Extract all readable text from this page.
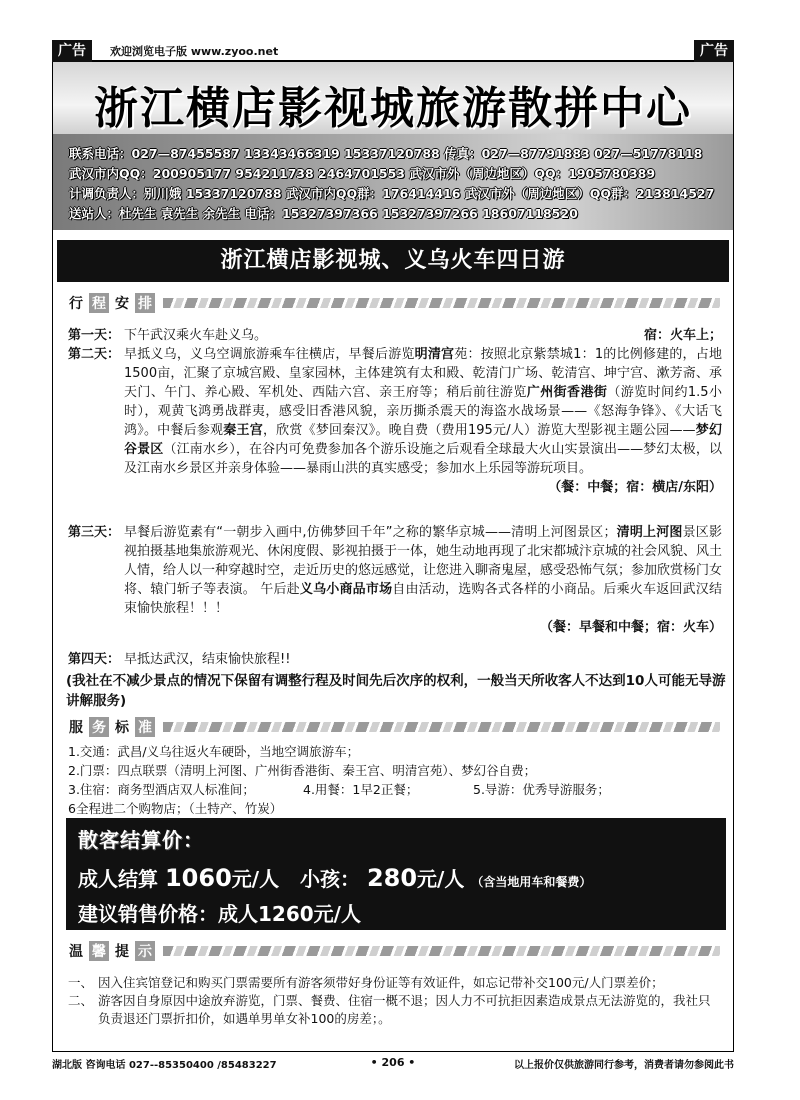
广告	欢迎浏览电子版 www.zyoo.net	广告
浙江横店影视城旅游散拼中心
联系电话：027—87455587 13343466319 15337120788 传真：027—87791883 027—51778118
武汉市内QQ：200905177 954211738 2464701553 武汉市外（周边地区）QQ：1905780389
计调负责人：别川娥 15337120788 武汉市内QQ群：176414416 武汉市外（周边地区）QQ群：213814527
送站人：杜先生 袁先生 余先生 电话：15327397366 15327397266 18607118520
浙江横店影视城、义乌火车四日游
行 程 安 排
第一天：	宿：火车上；
下午武汉乘火车赴义乌。
第二天： 早抵义乌，义乌空调旅游乘车往横店，早餐后游览明清宫苑：按照北京紫禁城1：1的比例修建的，占地1500亩，汇聚了京城宫殿、皇家园林，主体建筑有太和殿、乾清门广场、乾清宫、坤宁宫、漱芳斋、承天门、午门、养心殿、军机处、西陆六宫、亲王府等；稍后前往游览广州街香港街（游览时间约1.5小时），观黄飞鸿勇战群夷，感受旧香港风貌，亲历撕杀震天的海盗水战场景——《怒海争锋》、《大话飞鸿》。中餐后参观秦王宫，欣赏《梦回秦汉》。晚自费（费用195元/人）游览大型影视主题公园——梦幻谷景区（江南水乡），在谷内可免费参加各个游乐设施之后观看全球最大火山实景演出——梦幻太极，以及江南水乡景区并亲身体验——暴雨山洪的真实感受；参加水上乐园等游玩项目。
（餐：中餐；宿：横店/东阳）
第三天： 早餐后游览素有“一朝步入画中,仿佛梦回千年”之称的繁华京城——清明上河图景区；清明上河图景区影视拍摄基地集旅游观光、休闲度假、影视拍摄于一体，她生动地再现了北宋都城汴京城的社会风貌、风土人情，给人以一种穿越时空，走近历史的悠远感觉，让您进入聊斋鬼屋，感受恐怖气氛；参加欣赏杨门女将、辕门斩子等表演。 午后赴义乌小商品市场自由活动，选购各式各样的小商品。后乘火车返回武汉结束愉快旅程！！！
（餐：早餐和中餐；宿：火车）
第四天： 早抵达武汉，结束愉快旅程!!
(我社在不减少景点的情况下保留有调整行程及时间先后次序的权利，一般当天所收客人不达到10人可能无导游讲解服务)
服 务 标 准
1.交通：武昌/义乌往返火车硬卧，当地空调旅游车；
2.门票：四点联票（清明上河图、广州街香港街、秦王宫、明清宫苑）、梦幻谷自费；
3.住宿：商务型酒店双人标准间；	4.用餐：1早2正餐；	5.导游：优秀导游服务；
6全程进二个购物店；（土特产、竹炭）
散客结算价：
成人结算 1060元/人 小孩： 280元/人 （含当地用车和餐费）
建议销售价格：成人1260元/人
温 馨 提 示
一、 因入住宾馆登记和购买门票需要所有游客须带好身份证等有效证件，如忘记带补交100元/人门票差价；
二、 游客因自身原因中途放弃游览，门票、餐费、住宿一概不退；因人力不可抗拒因素造成景点无法游览的，我社只负责退还门票折扣价，如遇单男单女补100的房差；。
湖北版 咨询电话 027--85350400 /85483227	• 206 •	以上报价仅供旅游同行参考，消费者请勿参阅此书
